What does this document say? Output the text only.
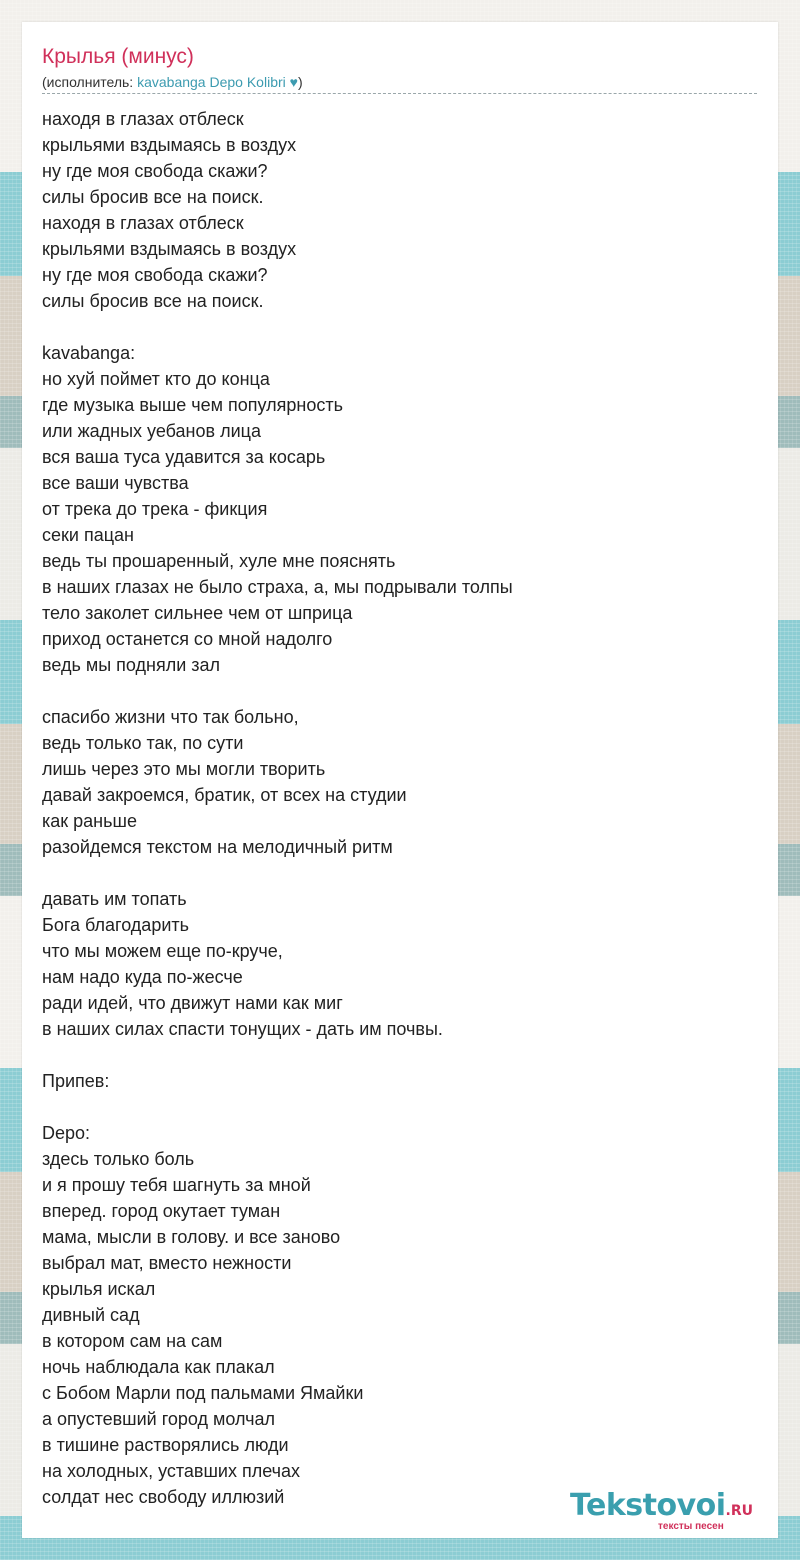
Крылья (минус)
(исполнитель: kavabanga Depo Kolibri ♥)
находя в глазах отблеск
крыльями вздымаясь в воздух
ну где моя свобода скажи?
силы бросив все на поиск.
находя в глазах отблеск
крыльями вздымаясь в воздух
ну где моя свобода скажи?
силы бросив все на поиск.
kavabanga:
но хуй поймет кто до конца
где музыка выше чем популярность
или жадных уебанов лица
вся ваша туса удавится за косарь
все ваши чувства
от трека до трека - фикция
секи пацан
ведь ты прошаренный, хуле мне пояснять
в наших глазах не было страха, а, мы подрывали толпы
тело заколет сильнее чем от шприца
приход останется со мной надолго
ведь мы подняли зал
спасибо жизни что так больно,
ведь только так, по сути
лишь через это мы могли творить
давай закроемся, братик, от всех на студии
как раньше
разойдемся текстом на мелодичный ритм
давать им топать
Бога благодарить
что мы можем еще по-круче,
нам надо куда по-жесче
ради идей, что движут нами как миг
в наших силах спасти тонущих - дать им почвы.
Припев:
Depo:
здесь только боль
и я прошу тебя шагнуть за мной
вперед. город окутает туман
мама, мысли в голову. и все заново
выбрал мат, вместо нежности
крылья искал
дивный сад
в котором сам на сам
ночь наблюдала как плакал
с Бобом Марли под пальмами Ямайки
а опустевший город молчал
в тишине растворялись люди
на холодных, уставших плечах
солдат нес свободу иллюзий	Tekstovoi.RU
тексты песен
